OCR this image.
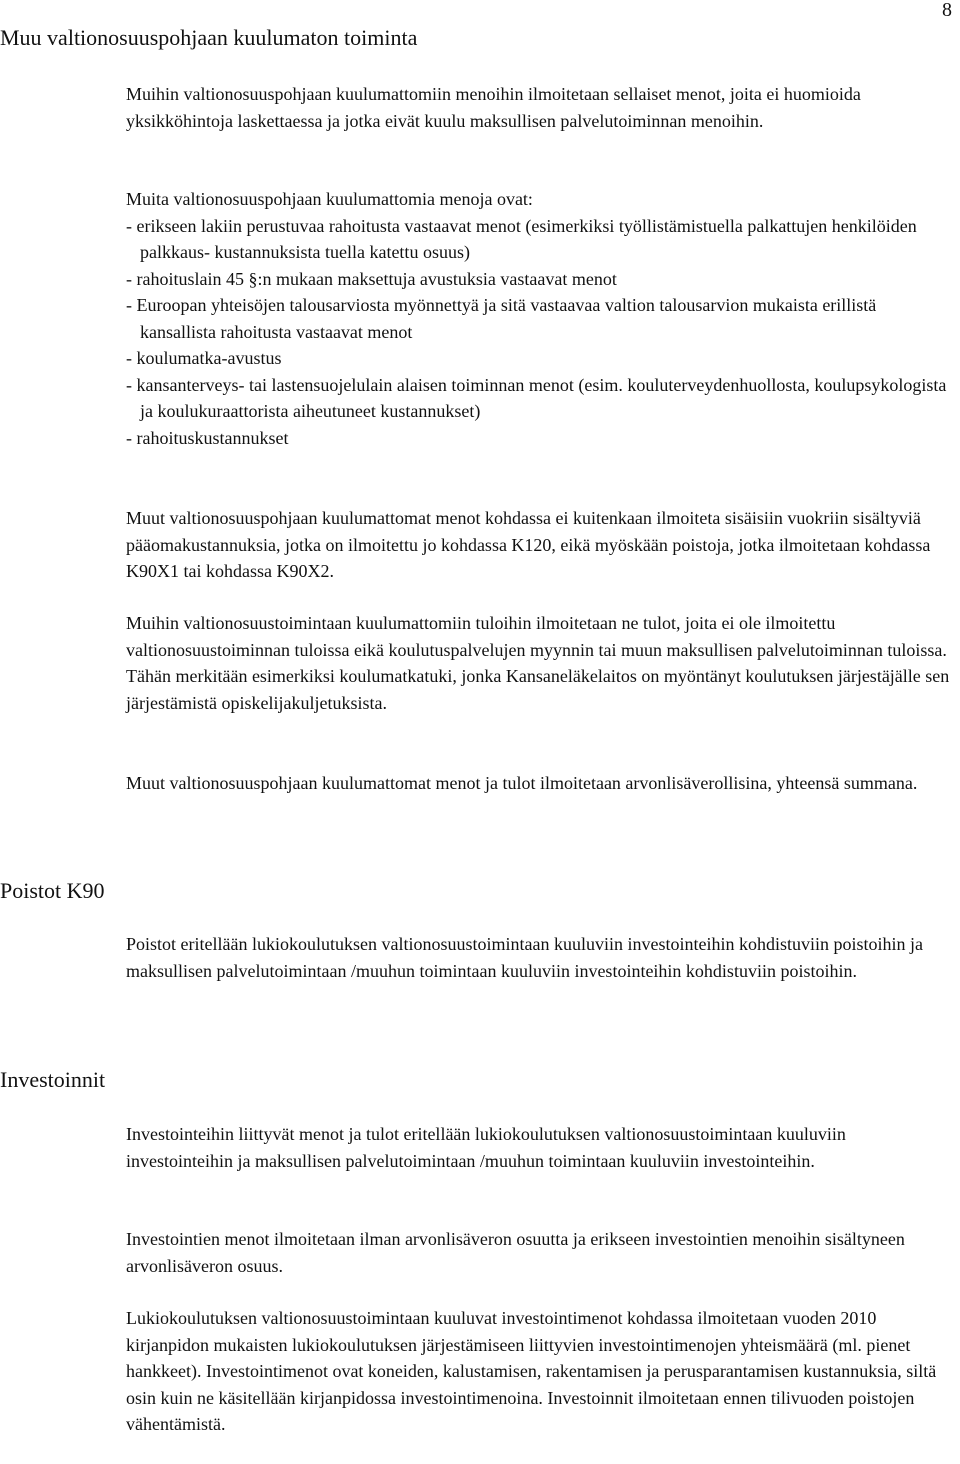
8
Muu valtionosuuspohjaan kuulumaton toiminta

Muihin valtionosuuspohjaan kuulumattomiin menoihin ilmoitetaan sellaiset menot, joita ei huomioida yksikköhintoja laskettaessa ja jotka eivät kuulu maksullisen palvelutoiminnan menoihin.

Muita valtionosuuspohjaan kuulumattomia menoja ovat:

- erikseen lakiin perustuvaa rahoitusta vastaavat menot (esimerkiksi työllistämistuella palkattujen henkilöiden palkkaus- kustannuksista tuella katettu osuus)
- rahoituslain 45 §:n mukaan maksettuja avustuksia vastaavat menot
- Euroopan yhteisöjen talousarviosta myönnettyä ja sitä vastaavaa valtion talousarvion mukaista erillistä kansallista rahoitusta vastaavat menot
- koulumatka-avustus
- kansanterveys- tai lastensuojelulain alaisen toiminnan menot (esim. kouluterveydenhuollosta, koulupsykologista ja koulukuraattorista aiheutuneet kustannukset)
- rahoituskustannukset

Muut valtionosuuspohjaan kuulumattomat menot kohdassa ei kuitenkaan ilmoiteta sisäisiin vuokriin sisältyviä pääomakustannuksia, jotka on ilmoitettu jo kohdassa K120, eikä myöskään poistoja, jotka ilmoitetaan kohdassa K90X1 tai kohdassa K90X2.

Muihin valtionosuustoimintaan kuulumattomiin tuloihin ilmoitetaan ne tulot, joita ei ole ilmoitettu valtionosuustoiminnan tuloissa eikä koulutuspalvelujen myynnin tai muun maksullisen palvelutoiminnan tuloissa. Tähän merkitään esimerkiksi koulumatkatuki, jonka Kansaneläkelaitos on myöntänyt koulutuksen järjestäjälle sen järjestämistä opiskelijakuljetuksista.

Muut valtionosuuspohjaan kuulumattomat menot ja tulot ilmoitetaan arvonlisäverollisina, yhteensä summana.

Poistot K90

Poistot eritellään lukiokoulutuksen valtionosuustoimintaan kuuluviin investointeihin kohdistuviin poistoihin ja maksullisen palvelutoimintaan /muuhun toimintaan kuuluviin investointeihin kohdistuviin poistoihin.

Investoinnit

Investointeihin liittyvät menot ja tulot eritellään lukiokoulutuksen valtionosuustoimintaan kuuluviin investointeihin ja maksullisen palvelutoimintaan /muuhun toimintaan kuuluviin investointeihin.

Investointien menot ilmoitetaan ilman arvonlisäveron osuutta ja erikseen investointien menoihin sisältyneen arvonlisäveron osuus.

Lukiokoulutuksen valtionosuustoimintaan kuuluvat investointimenot kohdassa ilmoitetaan vuoden 2010 kirjanpidon mukaisten lukiokoulutuksen järjestämiseen liittyvien investointimenojen yhteismäärä (ml. pienet hankkeet). Investointimenot ovat koneiden, kalustamisen, rakentamisen ja perusparantamisen kustannuksia, siltä osin kuin ne käsitellään kirjanpidossa investointimenoina. Investoinnit ilmoitetaan ennen tilivuoden poistojen vähentämistä.
